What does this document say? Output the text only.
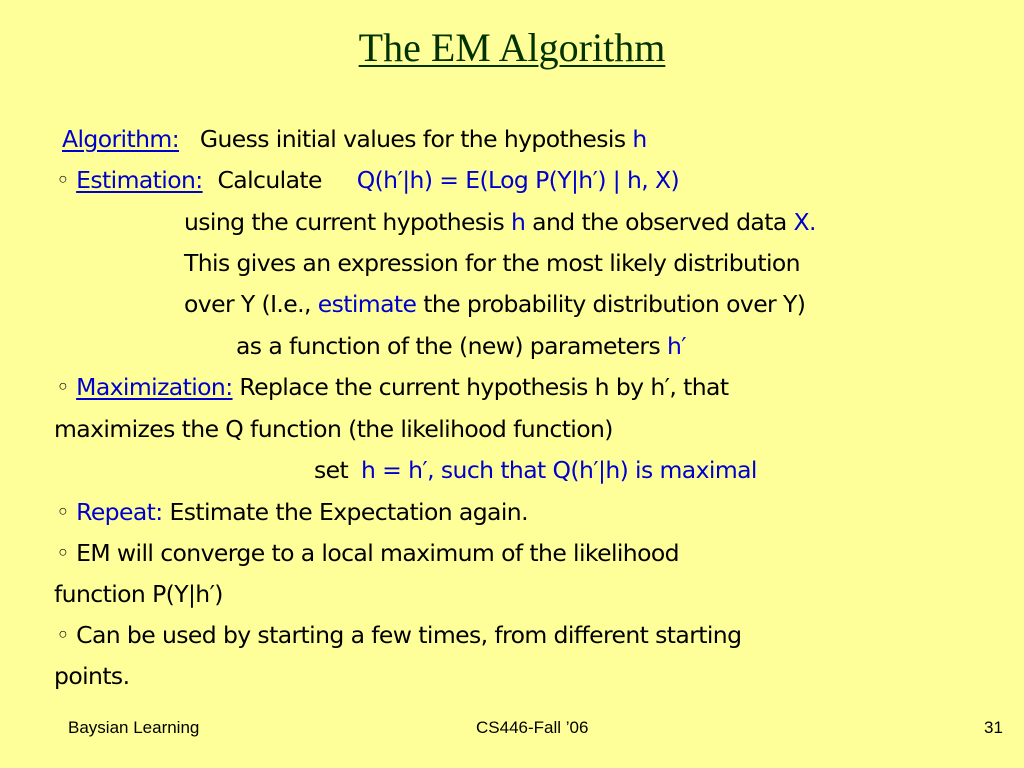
The EM Algorithm
Algorithm: Guess initial values for the hypothesis h
◦ Estimation: Calculate Q(h′|h) = E(Log P(Y|h′) | h, X)
using the current hypothesis h and the observed data X.
This gives an expression for the most likely distribution
over Y (I.e., estimate the probability distribution over Y)
as a function of the (new) parameters h′
◦ Maximization: Replace the current hypothesis h by h′, that
maximizes the Q function (the likelihood function)
set h = h′, such that Q(h′|h) is maximal
◦ Repeat: Estimate the Expectation again.
◦ EM will converge to a local maximum of the likelihood
function P(Y|h′)
◦ Can be used by starting a few times, from different starting
points.
Baysian Learning	CS446-Fall ’06	31
